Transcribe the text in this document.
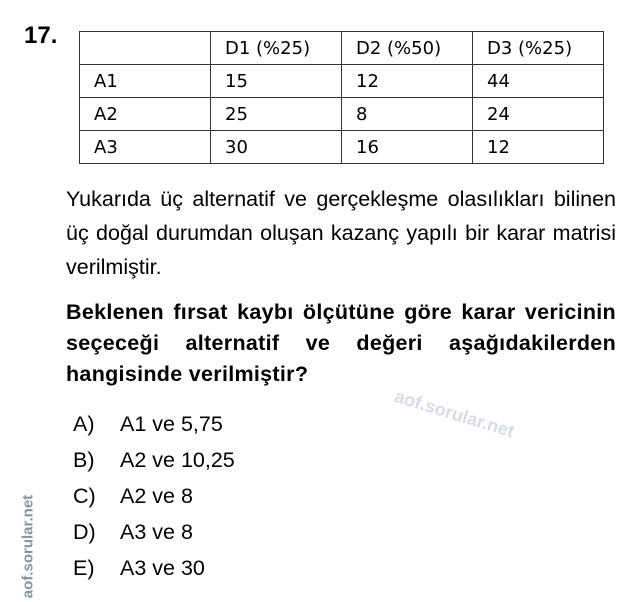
17.
		D1 (%25)	D2 (%50)	D3 (%25)
A1	15	12	44
A2	25	8	24
A3	30	16	12
Yukarıda üç alternatif ve gerçekleşme olasılıkları bilinen üç doğal durumdan oluşan kazanç yapılı bir karar matrisi verilmiştir.
Beklenen fırsat kaybı ölçütüne göre karar vericinin seçeceği alternatif ve değeri aşağıdakilerden hangisinde verilmiştir?
aof.sorular.net
A)	A1 ve 5,75
B)	A2 ve 10,25
C)	A2 ve 8
D)	A3 ve 8
E)	A3 ve 30
aof.sorular.net
